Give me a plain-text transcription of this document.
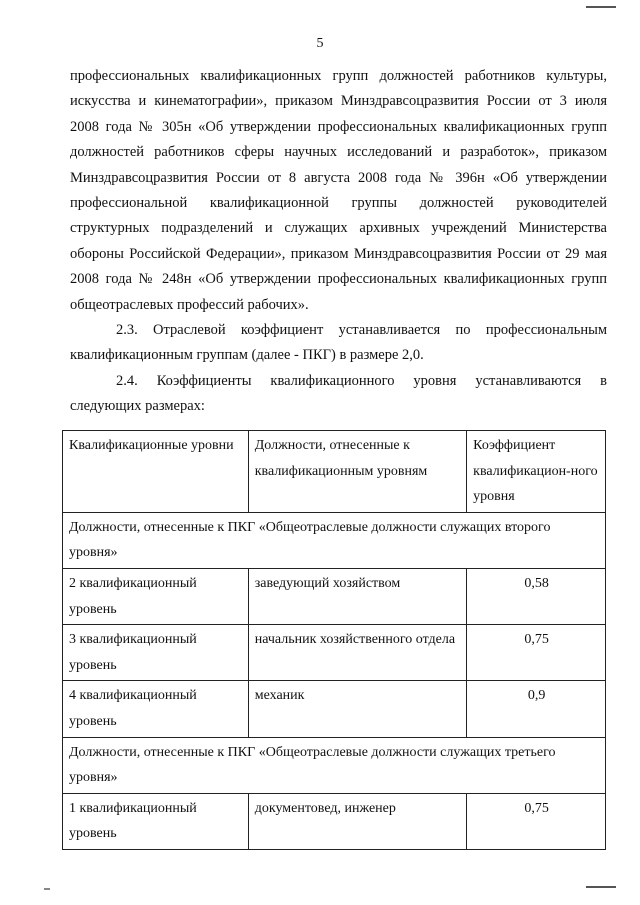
5

профессиональных квалификационных групп должностей работников культуры,
искусства и кинематографии», приказом Минздравсоцразвития России от 3 июля
2008 года № 305н «Об утверждении профессиональных квалификационных групп
должностей работников сферы научных исследований и разработок», приказом
Минздравсоцразвития России от 8 августа 2008 года № 396н «Об утверждении
профессиональной квалификационной группы должностей руководителей
структурных подразделений и служащих архивных учреждений Министерства
обороны Российской Федерации», приказом Минздравсоцразвития России от 29 мая
2008 года № 248н «Об утверждении профессиональных квалификационных групп
общеотраслевых профессий рабочих».

2.3. Отраслевой коэффициент устанавливается по профессиональным
квалификационным группам (далее - ПКГ) в размере 2,0.

2.4. Коэффициенты квалификационного уровня устанавливаются в
следующих размерах:

Квалификационные уровни	Должности, отнесенные к квалификационным уровням	Коэффициент квалификацион-ного уровня
Должности, отнесенные к ПКГ «Общеотраслевые должности служащих второго уровня»		
2 квалификационный уровень	заведующий хозяйством	0,58
3 квалификационный уровень	начальник хозяйственного отдела	0,75
4 квалификационный уровень	механик	0,9
Должности, отнесенные к ПКГ «Общеотраслевые должности служащих третьего уровня»		
1 квалификационный уровень	документовед, инженер	0,75
